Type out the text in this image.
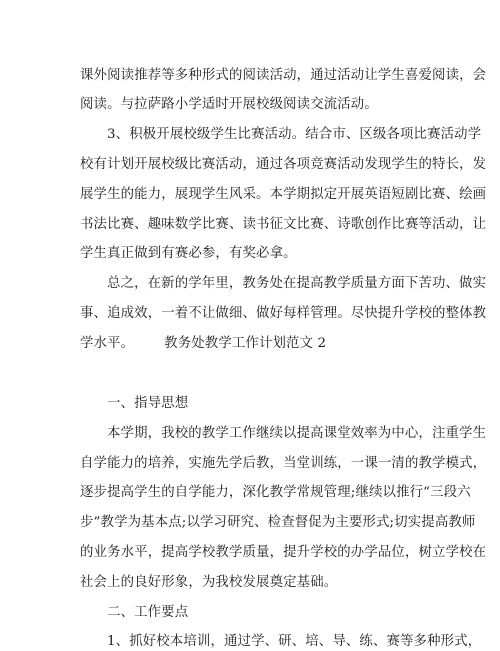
课外阅读推荐等多种形式的阅读活动，通过活动让学生喜爱阅读，会
阅读。与拉萨路小学适时开展校级阅读交流活动。
3、积极开展校级学生比赛活动。结合市、区级各项比赛活动学
校有计划开展校级比赛活动，通过各项竞赛活动发现学生的特长，发
展学生的能力，展现学生风采。本学期拟定开展英语短剧比赛、绘画
书法比赛、趣味数学比赛、读书征文比赛、诗歌创作比赛等活动，让
学生真正做到有赛必参，有奖必拿。
总之，在新的学年里，教务处在提高教学质量方面下苦功、做实
事、追成效，一着不让做细、做好每样管理。尽快提升学校的整体教
学水平。 教务处教学工作计划范文 2
一、指导思想
本学期，我校的教学工作继续以提高课堂效率为中心，注重学生
自学能力的培养，实施先学后教，当堂训练，一课一清的教学模式，
逐步提高学生的自学能力，深化教学常规管理;继续以推行“三段六
步”教学为基本点;以学习研究、检查督促为主要形式;切实提高教师
的业务水平，提高学校教学质量，提升学校的办学品位，树立学校在
社会上的良好形象，为我校发展奠定基础。
二、工作要点
1、抓好校本培训，通过学、研、培、导、练、赛等多种形式，
